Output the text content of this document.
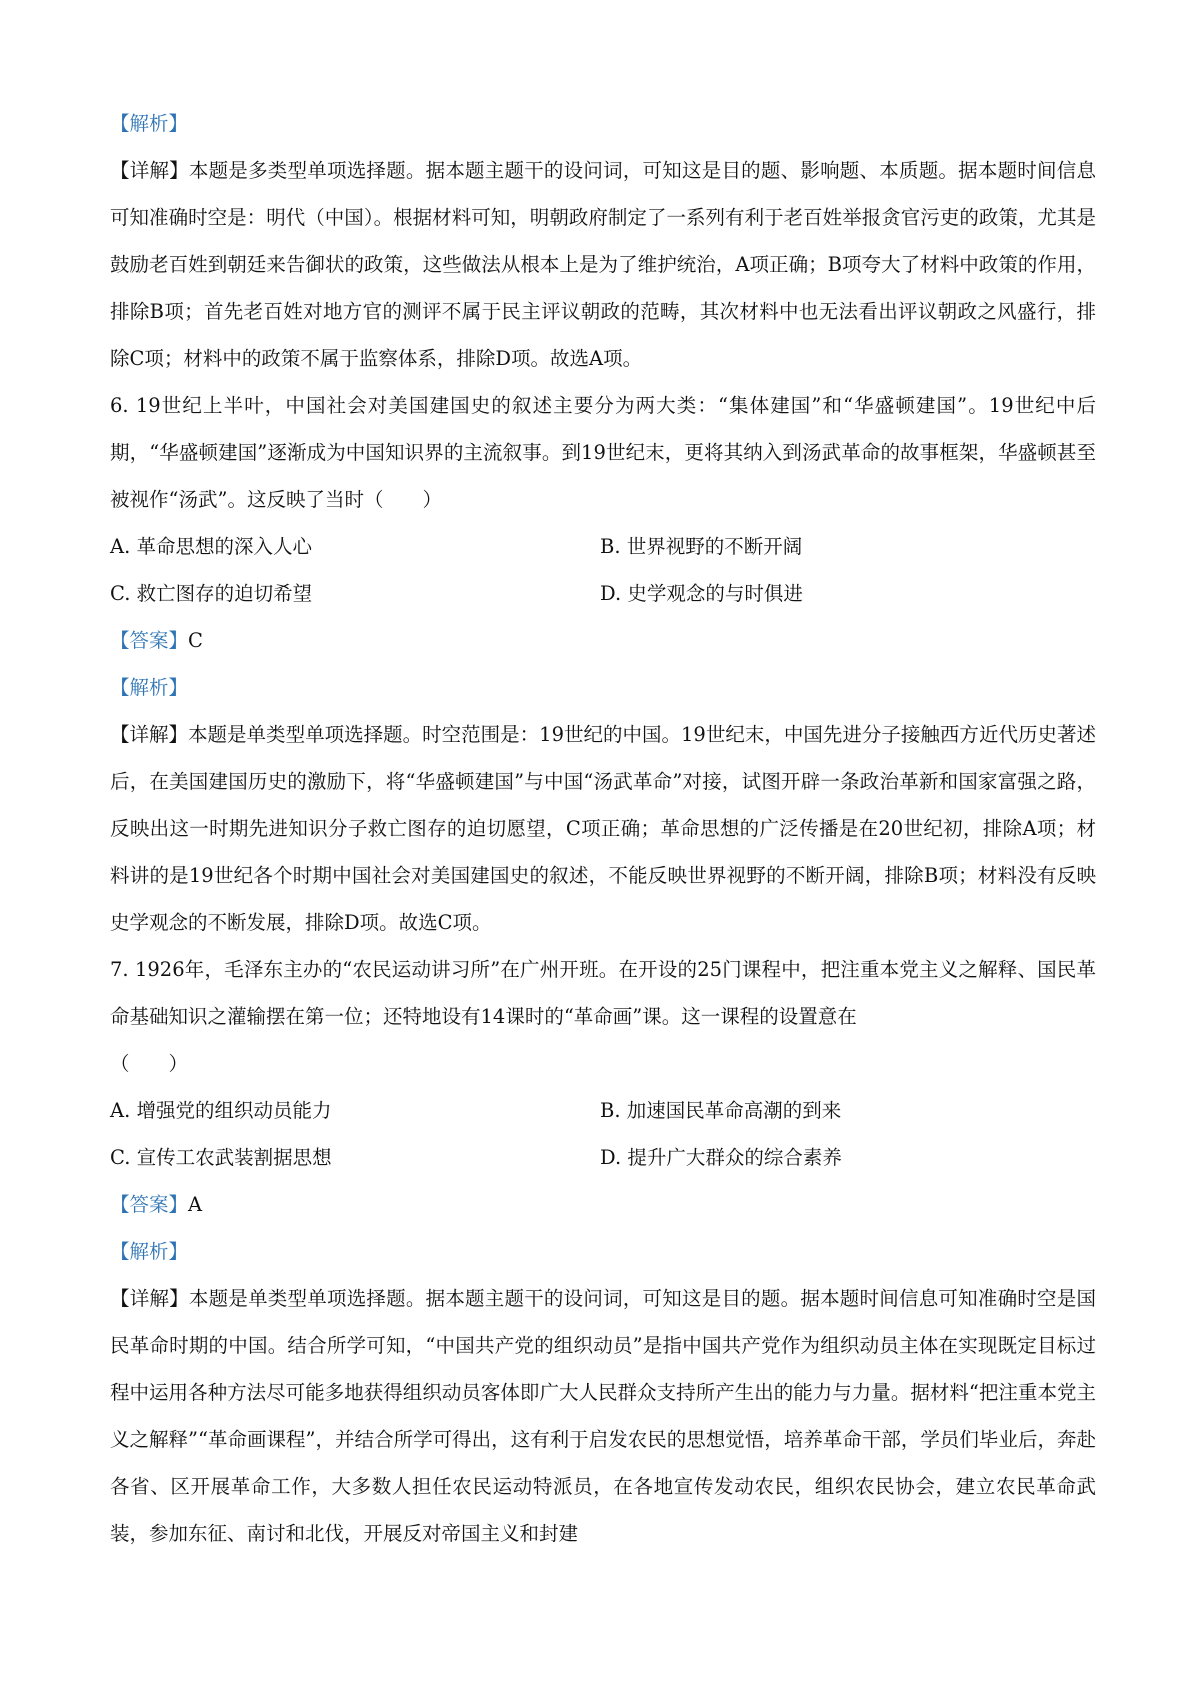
【解析】

【详解】本题是多类型单项选择题。据本题主题干的设问词，可知这是目的题、影响题、本质题。据本题时间信息可知准确时空是：明代（中国）。根据材料可知，明朝政府制定了一系列有利于老百姓举报贪官污吏的政策，尤其是鼓励老百姓到朝廷来告御状的政策，这些做法从根本上是为了维护统治，A项正确；B项夸大了材料中政策的作用，排除B项；首先老百姓对地方官的测评不属于民主评议朝政的范畴，其次材料中也无法看出评议朝政之风盛行，排除C项；材料中的政策不属于监察体系，排除D项。故选A项。

6. 19世纪上半叶，中国社会对美国建国史的叙述主要分为两大类：“集体建国”和“华盛顿建国”。19世纪中后期，“华盛顿建国”逐渐成为中国知识界的主流叙事。到19世纪末，更将其纳入到汤武革命的故事框架，华盛顿甚至被视作“汤武”。这反映了当时（　　）

A. 革命思想的深入人心	B. 世界视野的不断开阔
C. 救亡图存的迫切希望	D. 史学观念的与时俱进
【答案】C
【解析】

【详解】本题是单类型单项选择题。时空范围是：19世纪的中国。19世纪末，中国先进分子接触西方近代历史著述后，在美国建国历史的激励下，将“华盛顿建国”与中国“汤武革命”对接，试图开辟一条政治革新和国家富强之路，反映出这一时期先进知识分子救亡图存的迫切愿望，C项正确；革命思想的广泛传播是在20世纪初，排除A项；材料讲的是19世纪各个时期中国社会对美国建国史的叙述，不能反映世界视野的不断开阔，排除B项；材料没有反映史学观念的不断发展，排除D项。故选C项。

7. 1926年，毛泽东主办的“农民运动讲习所”在广州开班。在开设的25门课程中，把注重本党主义之解释、国民革命基础知识之灌输摆在第一位；还特地设有14课时的“革命画”课。这一课程的设置意在

（　　）
A. 增强党的组织动员能力	B. 加速国民革命高潮的到来
C. 宣传工农武装割据思想	D. 提升广大群众的综合素养
【答案】A
【解析】

【详解】本题是单类型单项选择题。据本题主题干的设问词，可知这是目的题。据本题时间信息可知准确时空是国民革命时期的中国。结合所学可知，“中国共产党的组织动员”是指中国共产党作为组织动员主体在实现既定目标过程中运用各种方法尽可能多地获得组织动员客体即广大人民群众支持所产生出的能力与力量。据材料“把注重本党主义之解释”“革命画课程”，并结合所学可得出，这有利于启发农民的思想觉悟，培养革命干部，学员们毕业后，奔赴各省、区开展革命工作，大多数人担任农民运动特派员，在各地宣传发动农民，组织农民协会，建立农民革命武装，参加东征、南讨和北伐，开展反对帝国主义和封建
